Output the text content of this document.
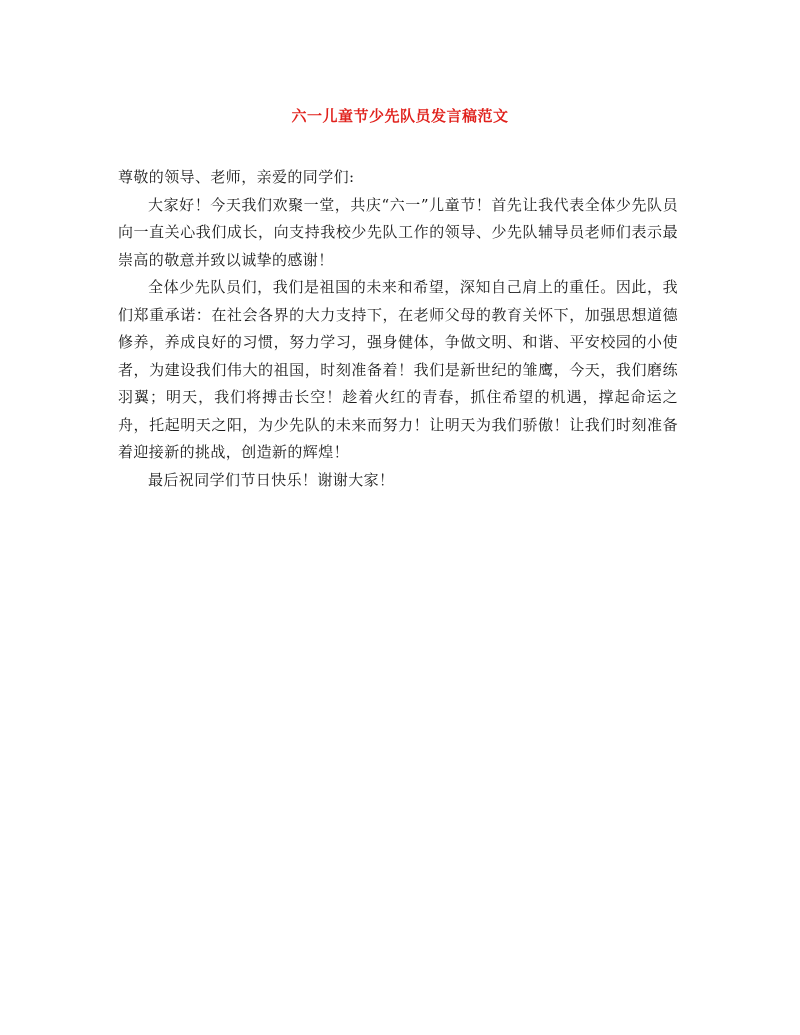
六一儿童节少先队员发言稿范文

尊敬的领导、老师，亲爱的同学们:

大家好！今天我们欢聚一堂，共庆“六一”儿童节！首先让我代表全体少先队员向一直关心我们成长，向支持我校少先队工作的领导、少先队辅导员老师们表示最崇高的敬意并致以诚挚的感谢！

全体少先队员们，我们是祖国的未来和希望，深知自己肩上的重任。因此，我们郑重承诺：在社会各界的大力支持下，在老师父母的教育关怀下，加强思想道德修养，养成良好的习惯，努力学习，强身健体，争做文明、和谐、平安校园的小使者，为建设我们伟大的祖国，时刻准备着！我们是新世纪的雏鹰，今天，我们磨练羽翼；明天，我们将搏击长空！趁着火红的青春，抓住希望的机遇，撑起命运之舟，托起明天之阳，为少先队的未来而努力！让明天为我们骄傲！让我们时刻准备着迎接新的挑战，创造新的辉煌！

最后祝同学们节日快乐！谢谢大家！
